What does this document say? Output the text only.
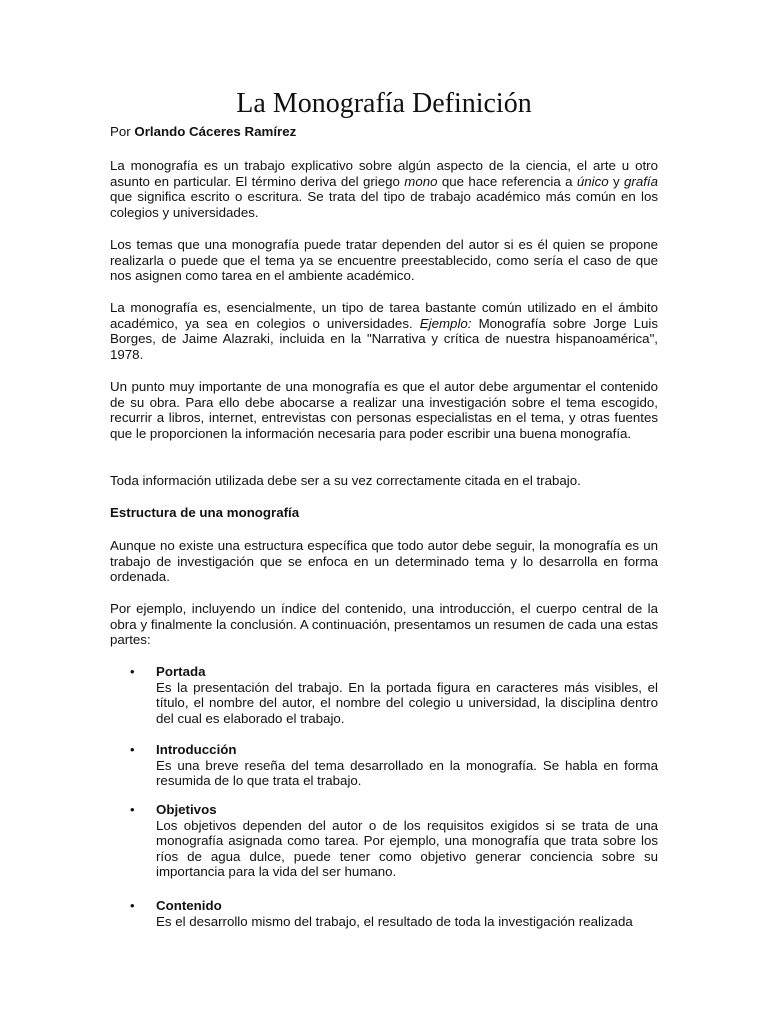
La Monografía Definición

Por Orlando Cáceres Ramírez

La monografía es un trabajo explicativo sobre algún aspecto de la ciencia, el arte u otro asunto en particular. El término deriva del griego mono que hace referencia a único y grafía que significa escrito o escritura. Se trata del tipo de trabajo académico más común en los colegios y universidades.

Los temas que una monografía puede tratar dependen del autor si es él quien se propone realizarla o puede que el tema ya se encuentre preestablecido, como sería el caso de que nos asignen como tarea en el ambiente académico.

La monografía es, esencialmente, un tipo de tarea bastante común utilizado en el ámbito académico, ya sea en colegios o universidades. Ejemplo: Monografía sobre Jorge Luis Borges, de Jaime Alazraki, incluida en la "Narrativa y crítica de nuestra hispanoamérica", 1978.

Un punto muy importante de una monografía es que el autor debe argumentar el contenido de su obra. Para ello debe abocarse a realizar una investigación sobre el tema escogido, recurrir a libros, internet, entrevistas con personas especialistas en el tema, y otras fuentes que le proporcionen la información necesaria para poder escribir una buena monografía.

Toda información utilizada debe ser a su vez correctamente citada en el trabajo.

Estructura de una monografía

Aunque no existe una estructura específica que todo autor debe seguir, la monografía es un trabajo de investigación que se enfoca en un determinado tema y lo desarrolla en forma ordenada.

Por ejemplo, incluyendo un índice del contenido, una introducción, el cuerpo central de la obra y finalmente la conclusión. A continuación, presentamos un resumen de cada una estas partes:

• Portada
Es la presentación del trabajo. En la portada figura en caracteres más visibles, el título, el nombre del autor, el nombre del colegio u universidad, la disciplina dentro del cual es elaborado el trabajo.
• Introducción
Es una breve reseña del tema desarrollado en la monografía. Se habla en forma resumida de lo que trata el trabajo.
• Objetivos
Los objetivos dependen del autor o de los requisitos exigidos si se trata de una monografía asignada como tarea. Por ejemplo, una monografía que trata sobre los ríos de agua dulce, puede tener como objetivo generar conciencia sobre su importancia para la vida del ser humano.
• Contenido
Es el desarrollo mismo del trabajo, el resultado de toda la investigación realizada
